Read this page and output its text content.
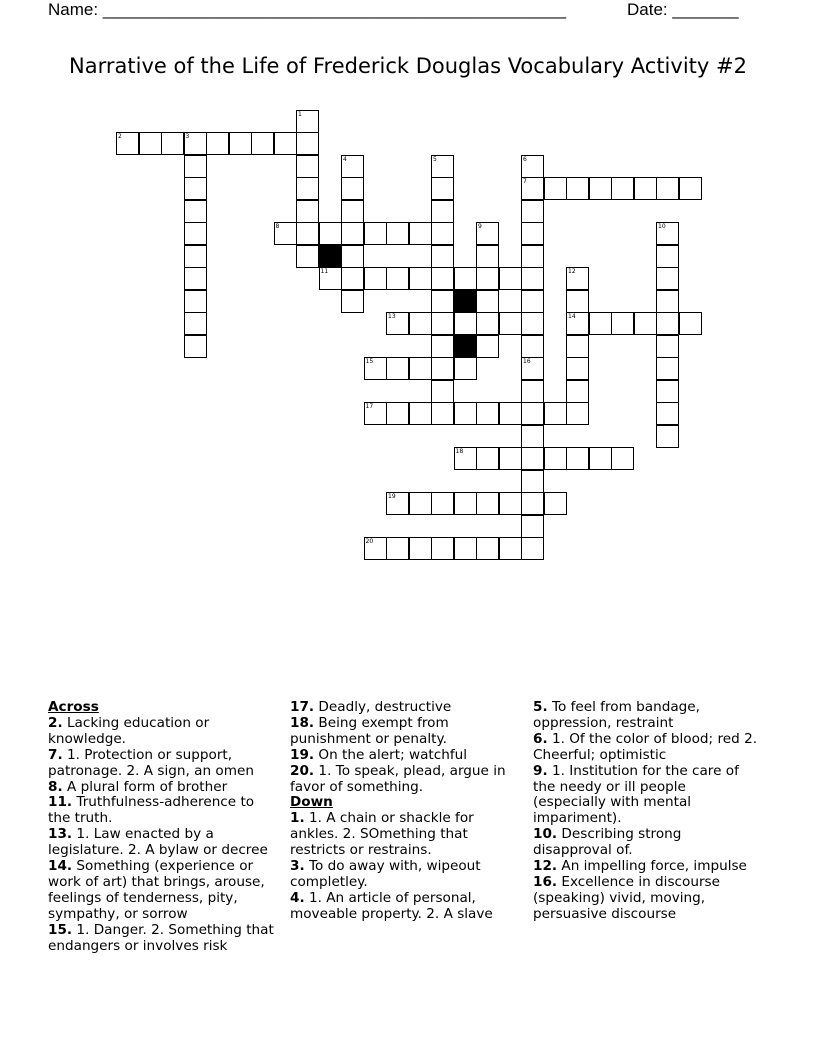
Name: _________________________________________________	Date: _______
Narrative of the Life of Frederick Douglas Vocabulary Activity #2
1
2	3
4	5	6
7
8	9	10
11	12
14
13
15	16
17
18
19
20
Across
2. Lacking education or knowledge.
7. 1. Protection or support, patronage. 2. A sign, an omen
8. A plural form of brother
11. Truthfulness-adherence to the truth.
13. 1. Law enacted by a legislature. 2. A bylaw or decree
14. Something (experience or work of art) that brings, arouse, feelings of tenderness, pity, sympathy, or sorrow
15. 1. Danger. 2. Something that endangers or involves risk
17. Deadly, destructive
18. Being exempt from punishment or penalty.
19. On the alert; watchful
20. 1. To speak, plead, argue in favor of something.
Down
1. 1. A chain or shackle for ankles. 2. SOmething that restricts or restrains.
3. To do away with, wipeout completley.
4. 1. An article of personal, moveable property. 2. A slave
5. To feel from bandage, oppression, restraint
6. 1. Of the color of blood; red 2. Cheerful; optimistic
9. 1. Institution for the care of the needy or ill people (especially with mental impariment).
10. Describing strong disapproval of.
12. An impelling force, impulse
16. Excellence in discourse (speaking) vivid, moving, persuasive discourse
